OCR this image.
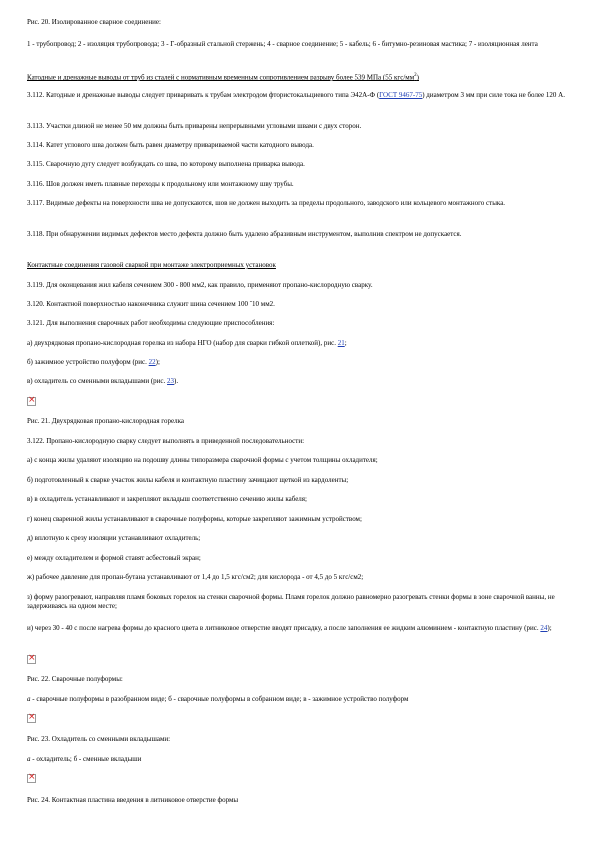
Рис. 20. Изолированное сварное соединение:

1 - трубопровод; 2 - изоляция трубопровода; 3 - Г-образный стальной стержень; 4 - сварное соединение; 5 - кабель; 6 - битумно-резиновая мастика; 7 - изоляционная лента

Катодные и дренажные выводы от труб из сталей с нормативным временным сопротивлением разрыву более 539 МПа (55 кгс/$мм^2$)

3.112. Катодные и дренажные выводы следует приваривать к трубам электродом фтористокальциевого типа Э42А-Ф (ГОСТ 9467-75) диаметром 3 мм при силе тока не более 120 А.

3.113. Участки длиной не менее 50 мм должны быть приварены непрерывными угловыми швами с двух сторон.

3.114. Катет углового шва должен быть равен диаметру привариваемой части катодного вывода.

3.115. Сварочную дугу следует возбуждать со шва, по которому выполнена приварка вывода.

3.116. Шов должен иметь плавные переходы к продольному или монтажному шву трубы.

3.117. Видимые дефекты на поверхности шва не допускаются, шов не должен выходить за пределы продольного, заводского или кольцевого монтажного стыка.

3.118. При обнаружении видимых дефектов место дефекта должно быть удалено абразивным инструментом, выполнив спектром не допускается.

Контактные соединения газовой сваркой при монтаже электроприемных установок

3.119. Для оконцевания жил кабеля сечением 300 - 800 мм2, как правило, применяют пропано-кислородную сварку.

3.120. Контактной поверхностью наконечника служит шина сечением 100 ˆ10 мм2.

3.121. Для выполнения сварочных работ необходимы следующие приспособления:

а) двухрядковая пропано-кислородная горелка из набора НГО (набор для сварки гибкой оплеткой), рис. 21;

б) зажимное устройство полуформ (рис. 22);

в) охладитель со сменными вкладышами (рис. 23).

×

Рис. 21. Двухрядковая пропано-кислородная горелка

3.122. Пропано-кислородную сварку следует выполнять в приведенной последовательности:

а) с конца жилы удаляют изоляцию на подошву длины типоразмера сварочной формы с учетом толщины охладителя;

б) подготовленный к сварке участок жилы кабеля и контактную пластину зачищают щеткой из кардоленты;

в) в охладитель устанавливают и закрепляют вкладыш соответственно сечению жилы кабеля;

г) конец сваренной жилы устанавливают в сварочные полуформы, которые закрепляют зажимным устройством;

д) вплотную к срезу изоляции устанавливают охладитель;

е) между охладителем и формой ставят асбестовый экран;

ж) рабочее давление для пропан-бутана устанавливают от 1,4 до 1,5 кгс/см2; для кислорода - от 4,5 до 5 кгс/см2;

з) форму разогревают, направляя пламя боковых горелок на стенки сварочной формы. Пламя горелок должно равномерно разогревать стенки формы в зоне сварочной ванны, не задерживаясь на одном месте;

и) через 30 - 40 с после нагрева формы до красного цвета в литниковое отверстие вводят присадку, а после заполнения ее жидким алюминием - контактную пластину (рис. 24);

×

Рис. 22. Сварочные полуформы:

а - сварочные полуформы в разобранном виде; б - сварочные полуформы в собранном виде; в - зажимное устройство полуформ

×

Рис. 23. Охладитель со сменными вкладышами:

а - охладитель; б - сменные вкладыши

×

Рис. 24. Контактная пластина введения в литниковое отверстие формы
